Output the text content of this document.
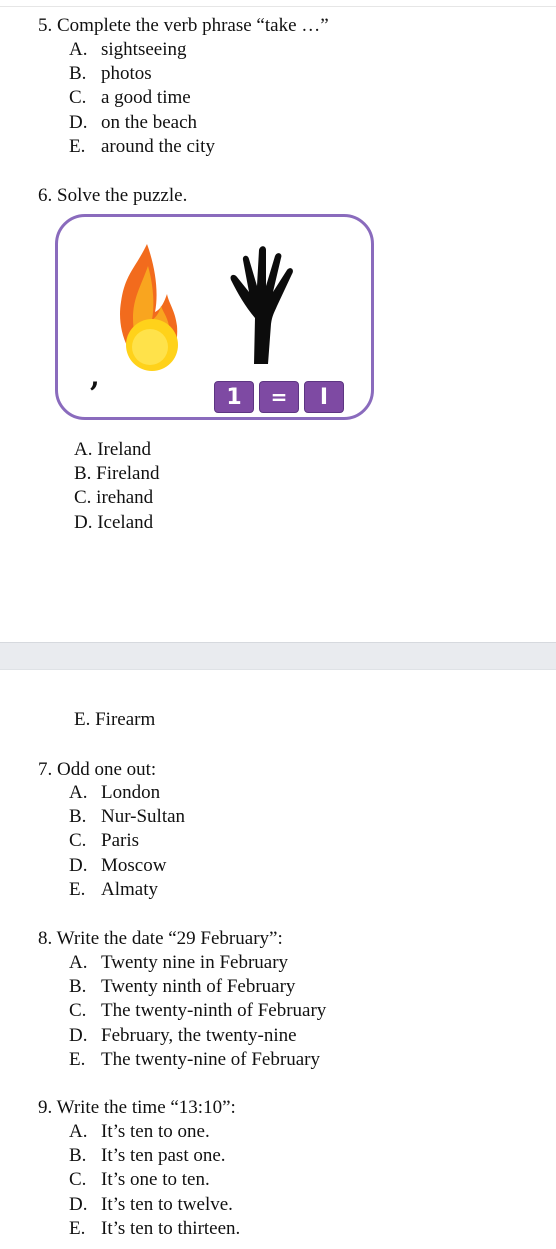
5. Complete the verb phrase “take …”
A. sightseeing
B. photos
C. a good time
D. on the beach
E. around the city
6. Solve the puzzle.
,
1	=	I
A. Ireland
B. Fireland
C. irehand
D. Iceland
E. Firearm
7. Odd one out:
A. London
B. Nur-Sultan
C. Paris
D. Moscow
E. Almaty
8. Write the date “29 February”:
A. Twenty nine in February
B. Twenty ninth of February
C. The twenty-ninth of February
D. February, the twenty-nine
E. The twenty-nine of February
9. Write the time “13:10”:
A. It’s ten to one.
B. It’s ten past one.
C. It’s one to ten.
D. It’s ten to twelve.
E. It’s ten to thirteen.
